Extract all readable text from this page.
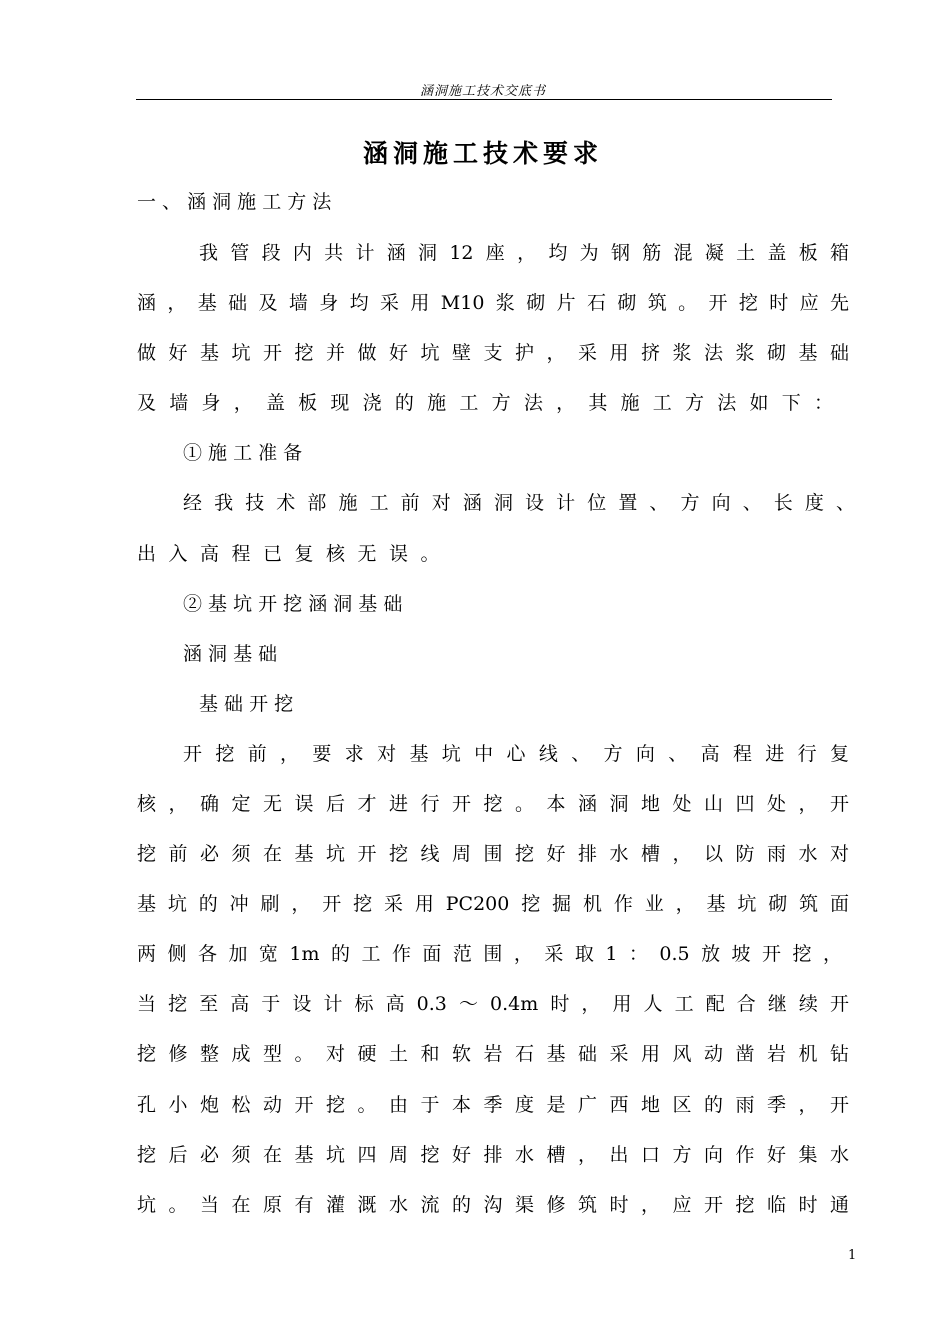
涵洞施工技术交底书
涵洞施工技术要求
一 、 涵 洞 施 工 方 法
我管段内共计涵洞12座，均为钢筋混凝土盖板箱
涵，基础及墙身均采用M10浆砌片石砌筑。开挖时应先
做好基坑开挖并做好坑壁支护，采用挤浆法浆砌基础
及墙身，盖板现浇的施工方法，其施工方法如下：
① 施 工 准 备
经我技术部施工前对涵洞设计位置、方向、长度、
出入高程已复核无误。
② 基 坑 开 挖 涵 洞 基 础
涵 洞 基 础
基 础 开 挖
开挖前，要求对基坑中心线、方向、高程进行复
核，确定无误后才进行开挖。本涵洞地处山凹处，开
挖前必须在基坑开挖线周围挖好排水槽，以防雨水对
基坑的冲刷，开挖采用PC200挖掘机作业，基坑砌筑面
两侧各加宽1m的工作面范围，采取1：0.5放坡开挖，
当挖至高于设计标高0.3～0.4m时，用人工配合继续开
挖修整成型。对硬土和软岩石基础采用风动凿岩机钻
孔小炮松动开挖。由于本季度是广西地区的雨季，开
挖后必须在基坑四周挖好排水槽，出口方向作好集水
坑。当在原有灌溉水流的沟渠修筑时，应开挖临时通
1
